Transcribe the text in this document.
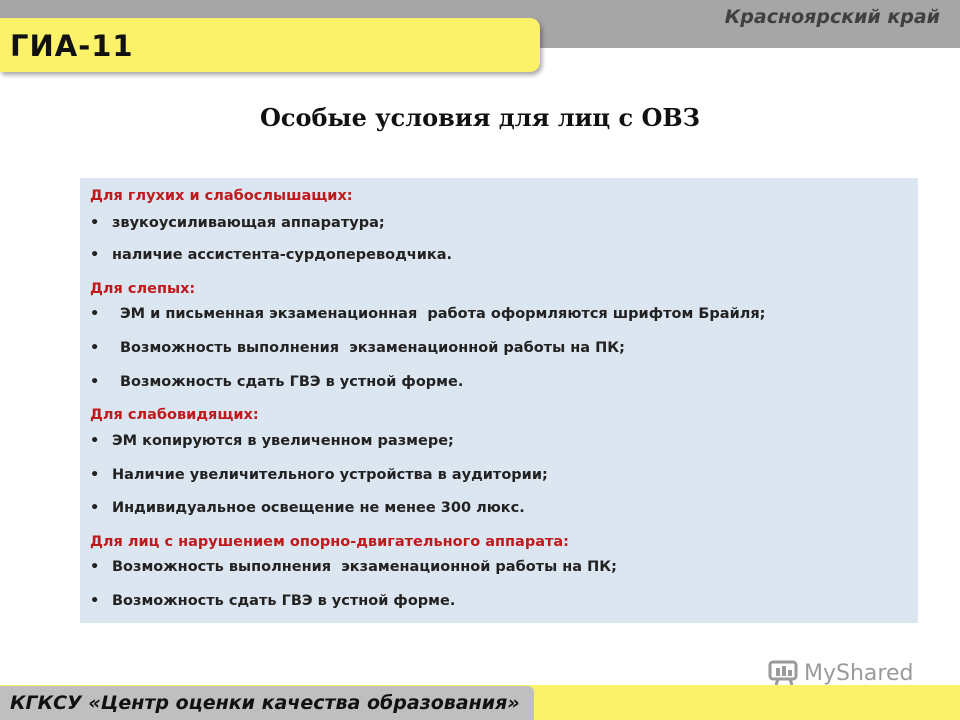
Красноярский край
ГИА-11
Особые условия для лиц с ОВЗ
Для глухих и слабослышащих:
• звукоусиливающая аппаратура;
• наличие ассистента-сурдопереводчика.
Для слепых:
• ЭМ и письменная экзаменационная  работа оформляются шрифтом Брайля;
• Возможность выполнения  экзаменационной работы на ПК;
• Возможность сдать ГВЭ в устной форме.
Для слабовидящих:
• ЭМ копируются в увеличенном размере;
• Наличие увеличительного устройства в аудитории;
• Индивидуальное освещение не менее 300 люкс.
Для лиц с нарушением опорно-двигательного аппарата:
• Возможность выполнения  экзаменационной работы на ПК;
• Возможность сдать ГВЭ в устной форме.
MyShared
КГКСУ «Центр оценки качества образования»
